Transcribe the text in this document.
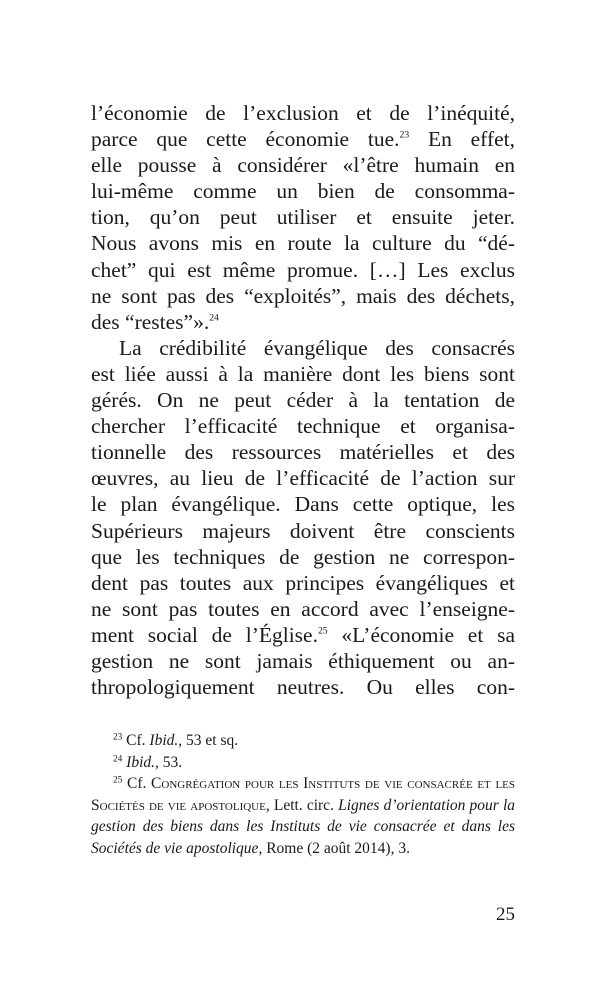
l’économie de l’exclusion et de l’inéquité,
parce que cette économie tue.$^{23}$ En effet,
elle pousse à considérer «l’être humain en
lui-même comme un bien de consomma-
tion, qu’on peut utiliser et ensuite jeter.
Nous avons mis en route la culture du “dé-
chet” qui est même promue. […] Les exclus
ne sont pas des “exploités”, mais des déchets,

des “restes”».$^{24}$

La crédibilité évangélique des consacrés
est liée aussi à la manière dont les biens sont
gérés. On ne peut céder à la tentation de
chercher l’efficacité technique et organisa-
tionnelle des ressources matérielles et des
œuvres, au lieu de l’efficacité de l’action sur
le plan évangélique. Dans cette optique, les
Supérieurs majeurs doivent être conscients
que les techniques de gestion ne correspon-
dent pas toutes aux principes évangéliques et
ne sont pas toutes en accord avec l’enseigne-
ment social de l’Église.$^{25}$ «L’économie et sa
gestion ne sont jamais éthiquement ou an-
thropologiquement neutres. Ou elles con-

$^{23}$ Cf. Ibid., 53 et sq.

$^{24}$ Ibid., 53.

$^{25}$ Cf. Congrégation pour les Instituts de vie consacrée et les Sociétés de vie apostolique, Lett. circ. Lignes d’orientation pour la gestion des biens dans les Instituts de vie consacrée et dans les Sociétés de vie apostolique, Rome (2 août 2014), 3.

25
